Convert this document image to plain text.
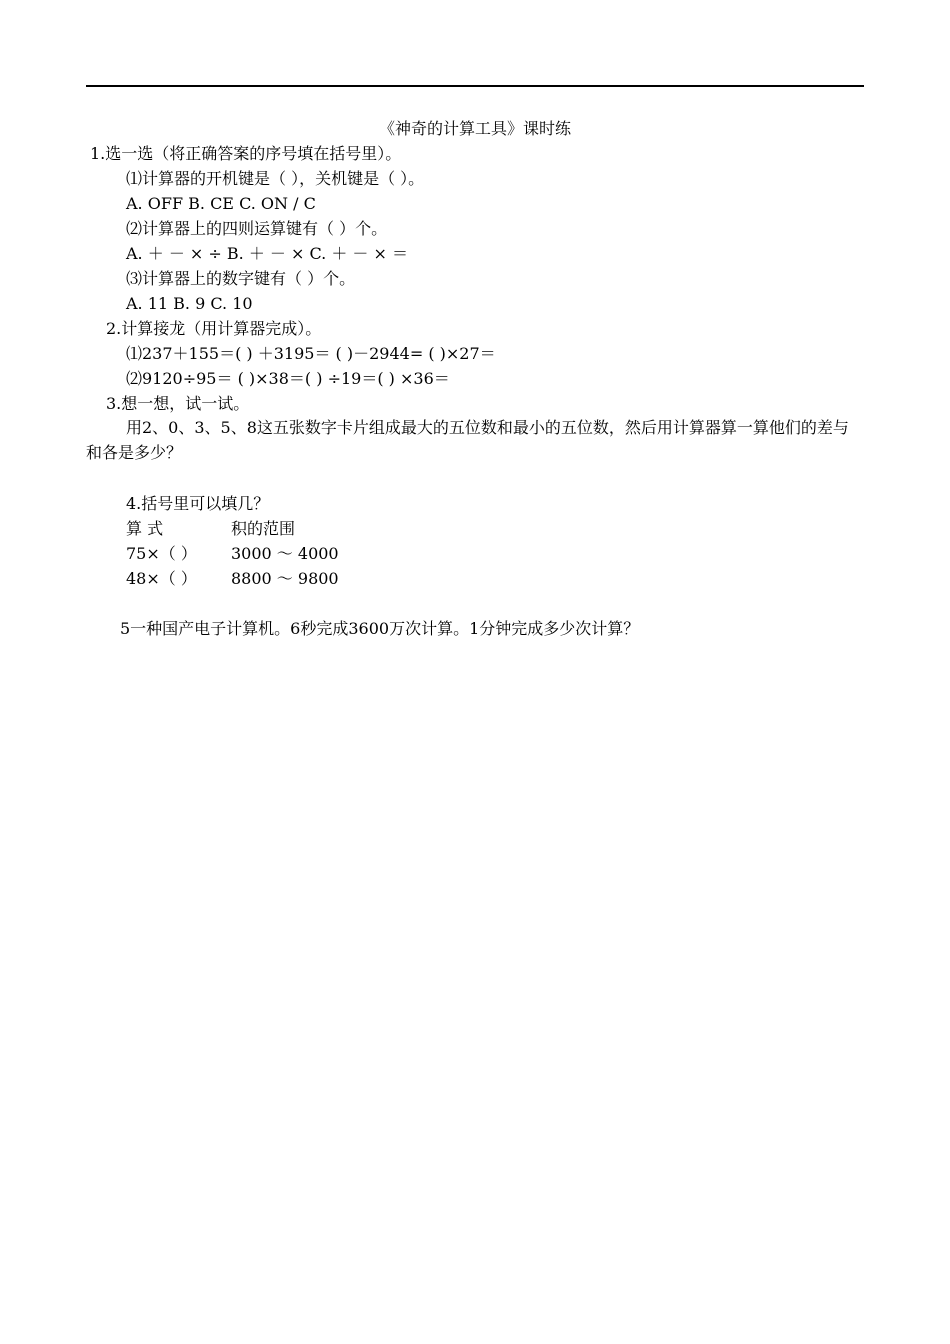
《神奇的计算工具》课时练
1.选一选（将正确答案的序号填在括号里）。
⑴计算器的开机键是（ ），关机键是（ ）。
A. OFF B. CE C. ON / C
⑵计算器上的四则运算键有（ ）个。
A. ＋ － × ÷ B. ＋ － × C. ＋ － × ＝
⑶计算器上的数字键有（ ）个。
A. 11 B. 9 C. 10
2.计算接龙（用计算器完成）。
⑴237＋155＝( ) ＋3195＝ ( )－2944= ( )×27＝
⑵9120÷95＝ ( )×38＝( ) ÷19＝( ) ×36＝
3.想一想，试一试。
用2、0、3、5、8这五张数字卡片组成最大的五位数和最小的五位数，然后用计算器算一算他们的差与和各是多少？
4.括号里可以填几？
算 式	积的范围
75×（ ） 3000 ～ 4000
48×（ ） 8800 ～ 9800
5一种国产电子计算机。6秒完成3600万次计算。1分钟完成多少次计算？
